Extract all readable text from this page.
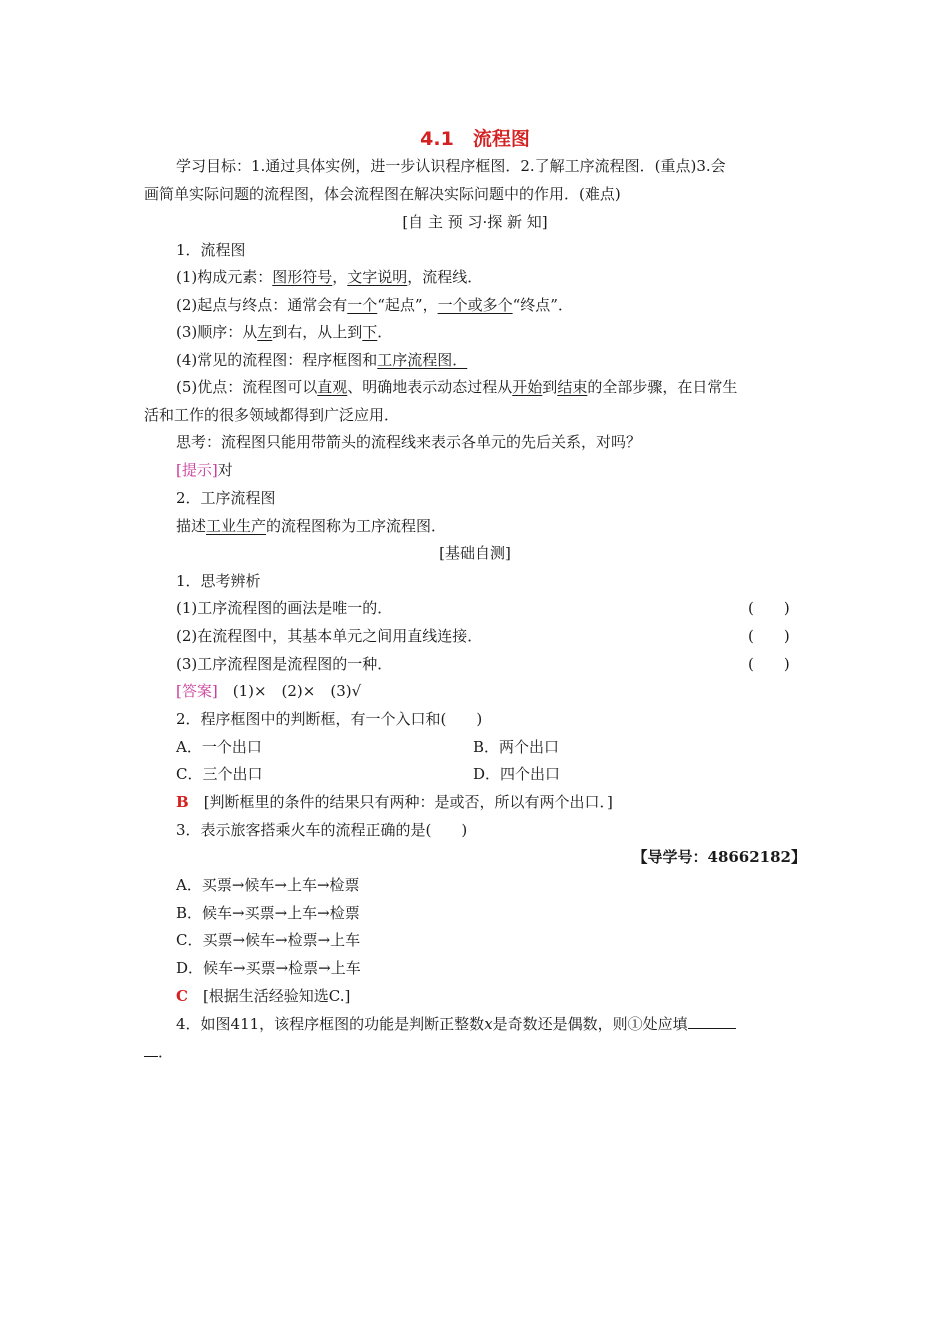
4.1　流程图
学习目标：1.通过具体实例，进一步认识程序框图．2.了解工序流程图．(重点)3.会
画简单实际问题的流程图，体会流程图在解决实际问题中的作用．(难点)
[自 主 预 习·探 新 知]
1．流程图
(1)构成元素：图形符号，文字说明，流程线．
(2)起点与终点：通常会有一个“起点”，一个或多个“终点”．
(3)顺序：从左到右，从上到下．
(4)常见的流程图：程序框图和工序流程图．
(5)优点：流程图可以直观、明确地表示动态过程从开始到结束的全部步骤，在日常生
活和工作的很多领域都得到广泛应用．
思考：流程图只能用带箭头的流程线来表示各单元的先后关系，对吗？
[提示]对
2．工序流程图
描述工业生产的流程图称为工序流程图．
[基础自测]
1．思考辨析
(1)工序流程图的画法是唯一的．	(　　)
(2)在流程图中，其基本单元之间用直线连接．	(　　)
(3)工序流程图是流程图的一种．	(　　)
[答案]　(1)×　(2)×　(3)√
2．程序框图中的判断框，有一个入口和(　　)
A．一个出口	B．两个出口
C．三个出口	D．四个出口
B　[判断框里的条件的结果只有两种：是或否，所以有两个出口．]
3．表示旅客搭乘火车的流程正确的是(　　)
【导学号：48662182】
A．买票→候车→上车→检票
B．候车→买票→上车→检票
C．买票→候车→检票→上车
D．候车→买票→检票→上车
C　[根据生活经验知选C.]
4．如图411，该程序框图的功能是判断正整数x是奇数还是偶数，则①处应填
．
